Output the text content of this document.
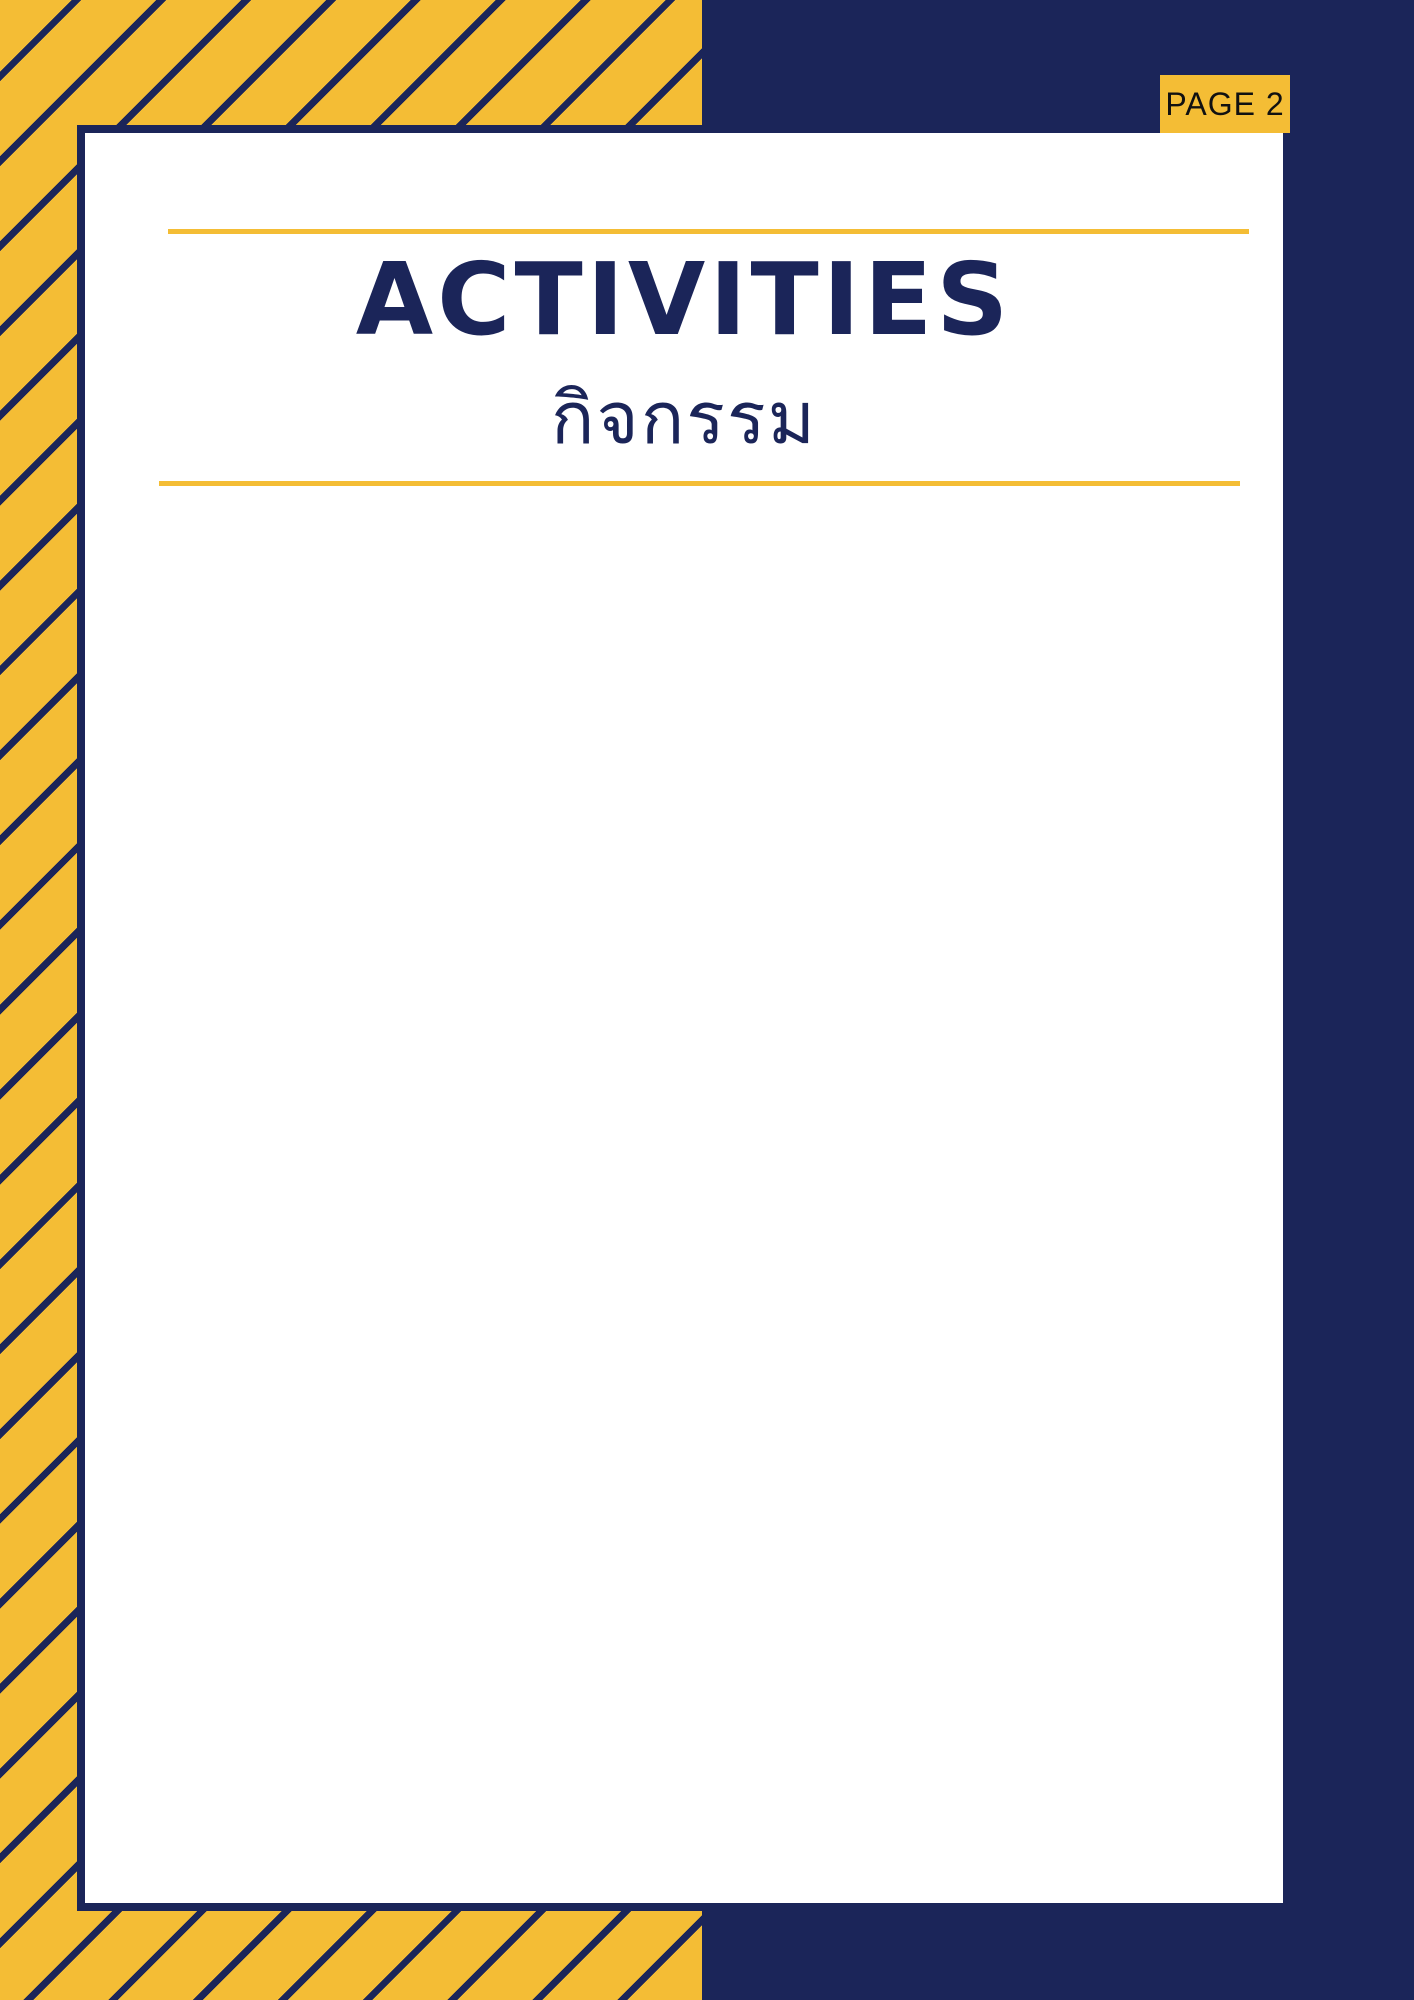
PAGE 2
ACTIVITIES
กิจกรรม
